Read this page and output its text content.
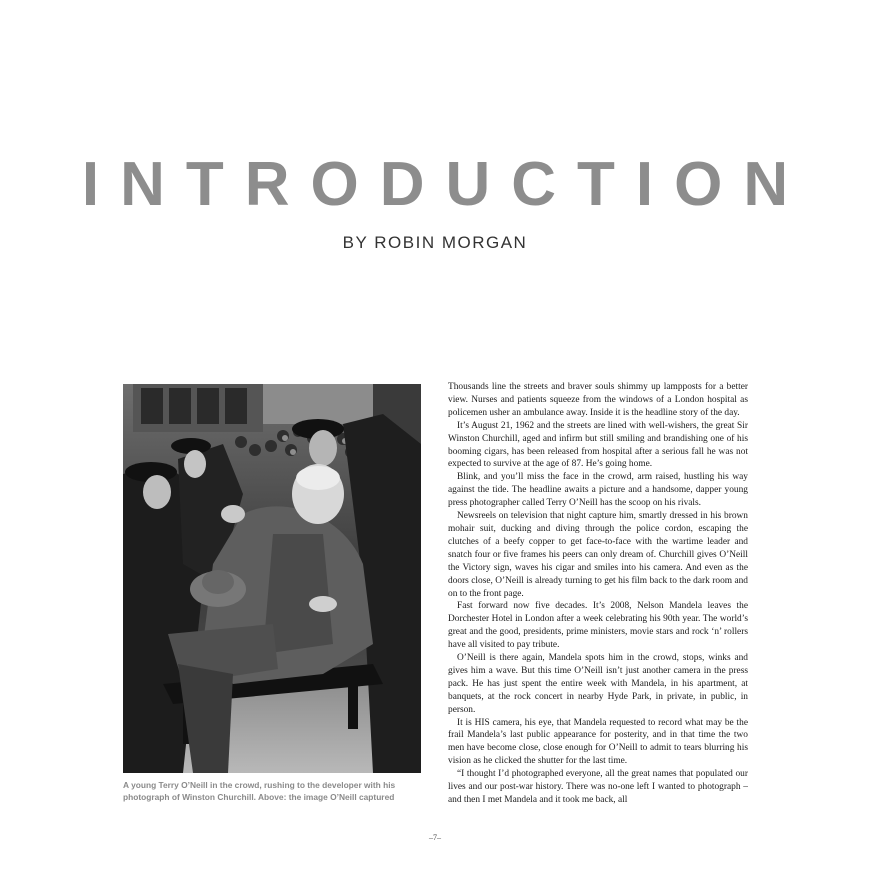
INTRODUCTION
BY ROBIN MORGAN
A young Terry O’Neill in the crowd, rushing to the developer with his photograph of Winston Churchill. Above: the image O’Neill captured

Thousands line the streets and braver souls shimmy up lampposts for a better view. Nurses and patients squeeze from the windows of a London hospital as policemen usher an ambulance away. Inside it is the headline story of the day.

It’s August 21, 1962 and the streets are lined with well-wishers, the great Sir Winston Churchill, aged and infirm but still smiling and brandishing one of his booming cigars, has been released from hospital after a serious fall he was not expected to survive at the age of 87. He’s going home.

Blink, and you’ll miss the face in the crowd, arm raised, hustling his way against the tide. The headline awaits a picture and a handsome, dapper young press photographer called Terry O’Neill has the scoop on his rivals.

Newsreels on television that night capture him, smartly dressed in his brown mohair suit, ducking and diving through the police cordon, escaping the clutches of a beefy copper to get face-to-face with the wartime leader and snatch four or five frames his peers can only dream of. Churchill gives O’Neill the Victory sign, waves his cigar and smiles into his camera. And even as the doors close, O’Neill is already turning to get his film back to the dark room and on to the front page.

Fast forward now five decades. It’s 2008, Nelson Mandela leaves the Dorchester Hotel in London after a week celebrating his 90th year. The world’s great and the good, presidents, prime ministers, movie stars and rock ‘n’ rollers have all visited to pay tribute.

O’Neill is there again, Mandela spots him in the crowd, stops, winks and gives him a wave. But this time O’Neill isn’t just another camera in the press pack. He has just spent the entire week with Mandela, in his apartment, at banquets, at the rock concert in nearby Hyde Park, in private, in public, in person.

It is HIS camera, his eye, that Mandela requested to record what may be the frail Mandela’s last public appearance for posterity, and in that time the two men have become close, close enough for O’Neill to admit to tears blurring his vision as he clicked the shutter for the last time.

“I thought I’d photographed everyone, all the great names that populated our lives and our post-war history. There was no-one left I wanted to photograph – and then I met Mandela and it took me back, all

–7–
